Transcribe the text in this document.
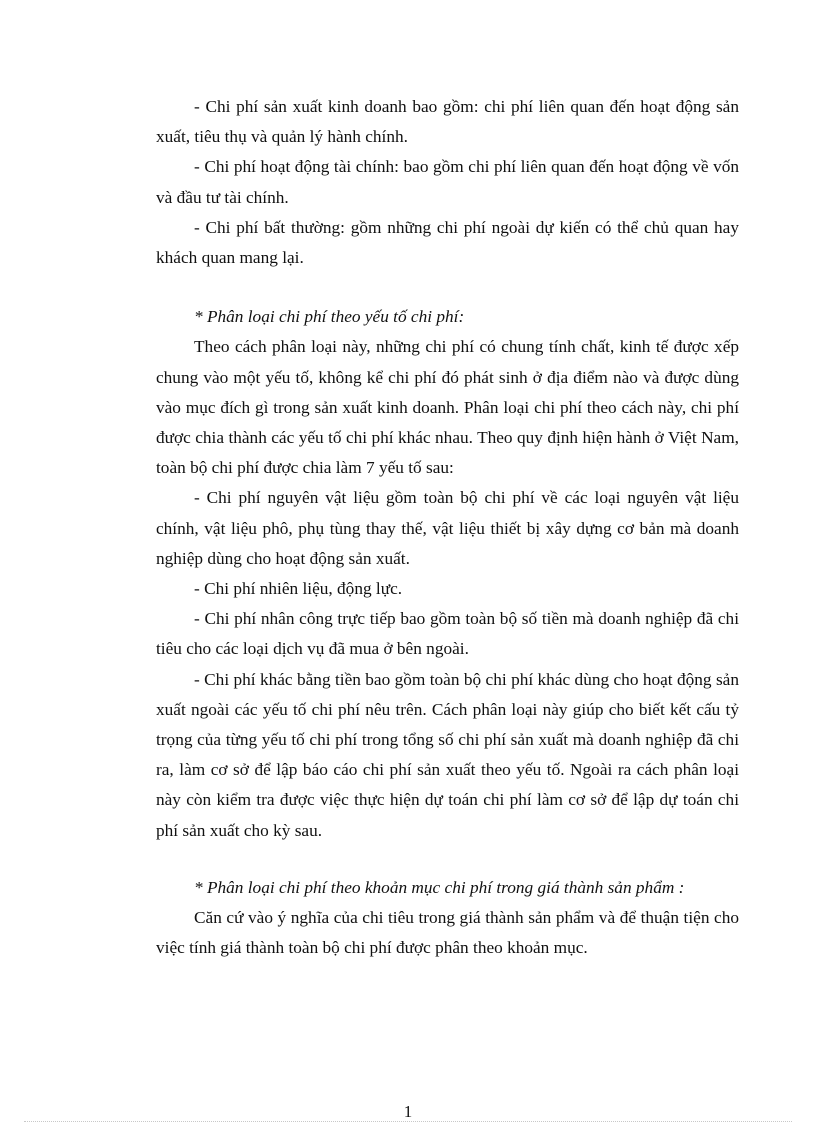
- Chi phí sản xuất kinh doanh bao gồm: chi phí liên quan đến hoạt động sản xuất, tiêu thụ và quản lý hành chính.

- Chi phí hoạt động tài chính: bao gồm chi phí liên quan đến hoạt động về vốn và đầu tư tài chính.

- Chi phí bất thường: gồm những chi phí ngoài dự kiến có thể chủ quan hay khách quan mang lại.

* Phân loại chi phí theo yếu tố chi phí:

Theo cách phân loại này, những chi phí có chung tính chất, kinh tế được xếp chung vào một yếu tố, không kể chi phí đó phát sinh ở địa điểm nào và được dùng vào mục đích gì trong sản xuất kinh doanh. Phân loại chi phí theo cách này, chi phí được chia thành các yếu tố chi phí khác nhau. Theo quy định hiện hành ở Việt Nam, toàn bộ chi phí được chia làm 7 yếu tố sau:

- Chi phí nguyên vật liệu gồm toàn bộ chi phí về các loại nguyên vật liệu chính, vật liệu phô, phụ tùng thay thế, vật liệu thiết bị xây dựng cơ bản mà doanh nghiệp dùng cho hoạt động sản xuất.

- Chi phí nhiên liệu, động lực.

- Chi phí nhân công trực tiếp bao gồm toàn bộ số tiền mà doanh nghiệp đã chi tiêu cho các loại dịch vụ đã mua ở bên ngoài.

- Chi phí khác bằng tiền bao gồm toàn bộ chi phí khác dùng cho hoạt động sản xuất ngoài các yếu tố chi phí nêu trên. Cách phân loại này giúp cho biết kết cấu tỷ trọng của từng yếu tố chi phí trong tổng số chi phí sản xuất mà doanh nghiệp đã chi ra, làm cơ sở để lập báo cáo chi phí sản xuất theo yếu tố. Ngoài ra cách phân loại này còn kiểm tra được việc thực hiện dự toán chi phí làm cơ sở để lập dự toán chi phí sản xuất cho kỳ sau.

* Phân loại chi phí theo khoản mục chi phí trong giá thành sản phẩm :

Căn cứ vào ý nghĩa của chi tiêu trong giá thành sản phẩm và để thuận tiện cho việc tính giá thành toàn bộ chi phí được phân theo khoản mục.

1
